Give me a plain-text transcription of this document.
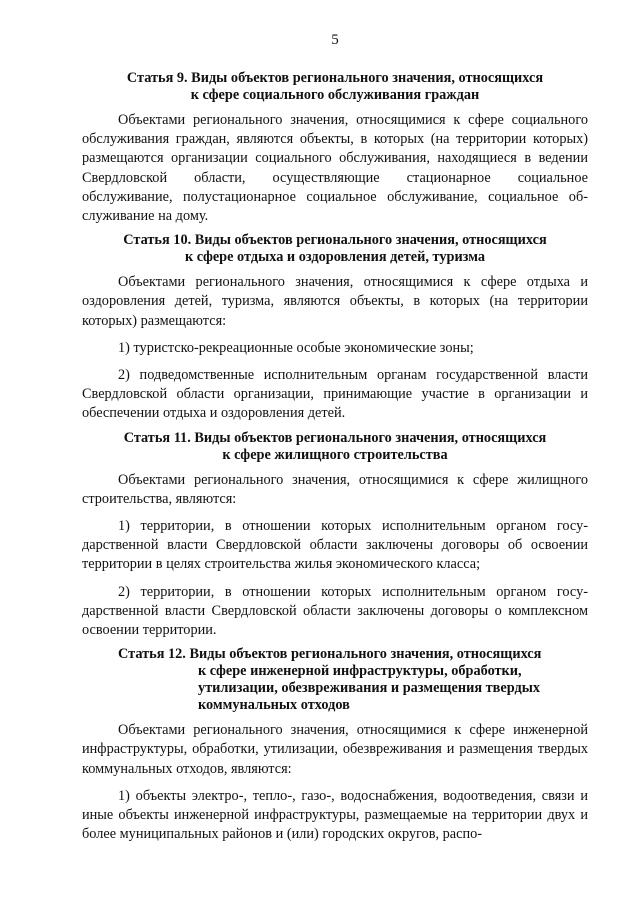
5
Статья 9. Виды объектов регионального значения, относящихся
к сфере социального обслуживания граждан

Объектами регионального значения, относящимися к сфере социального обслуживания граждан, являются объекты, в которых (на территории которых) размещаются организации социального обслуживания, находящиеся в ведении Свердловской области, осуществляющие стационарное социальное обслуживание, полустационарное социальное обслуживание, социальное обслуживание на дому.

Статья 10. Виды объектов регионального значения, относящихся
к сфере отдыха и оздоровления детей, туризма

Объектами регионального значения, относящимися к сфере отдыха и оздоровления детей, туризма, являются объекты, в которых (на территории которых) размещаются:

1) туристско-рекреационные особые экономические зоны;

2) подведомственные исполнительным органам государственной власти Свердловской области организации, принимающие участие в организации и обеспечении отдыха и оздоровления детей.

Статья 11. Виды объектов регионального значения, относящихся
к сфере жилищного строительства

Объектами регионального значения, относящимися к сфере жилищного строительства, являются:

1) территории, в отношении которых исполнительным органом государственной власти Свердловской области заключены договоры об освоении территории в целях строительства жилья экономического класса;

2) территории, в отношении которых исполнительным органом государственной власти Свердловской области заключены договоры о комплексном освоении территории.

Статья 12. Виды объектов регионального значения, относящихся
к сфере инженерной инфраструктуры, обработки,
утилизации, обезвреживания и размещения твердых
коммунальных отходов

Объектами регионального значения, относящимися к сфере инженерной инфраструктуры, обработки, утилизации, обезвреживания и размещения твердых коммунальных отходов, являются:

1) объекты электро-, тепло-, газо-, водоснабжения, водоотведения, связи и иные объекты инженерной инфраструктуры, размещаемые на территории двух и более муниципальных районов и (или) городских округов, распо-
